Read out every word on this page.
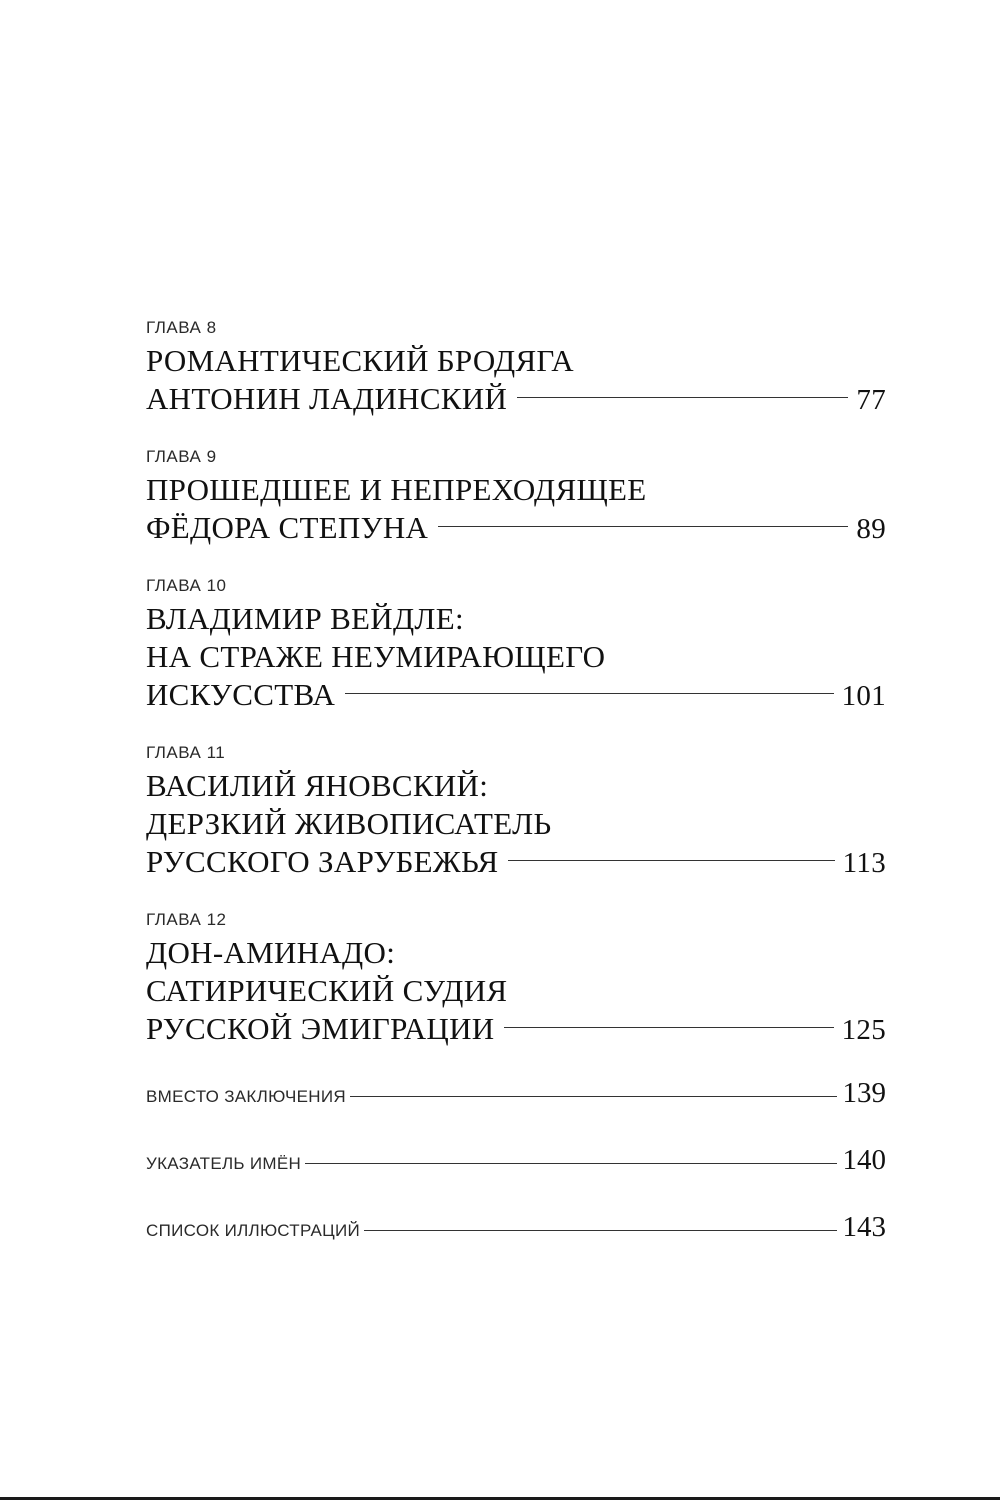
ГЛАВА 8
РОМАНТИЧЕСКИЙ БРОДЯГА
АНТОНИН ЛАДИНСКИЙ	77
ГЛАВА 9
ПРОШЕДШЕЕ И НЕПРЕХОДЯЩЕЕ
ФЁДОРА СТЕПУНА	89
ГЛАВА 10
ВЛАДИМИР ВЕЙДЛЕ:
НА СТРАЖЕ НЕУМИРАЮЩЕГО
ИСКУССТВА	101
ГЛАВА 11
ВАСИЛИЙ ЯНОВСКИЙ:
ДЕРЗКИЙ ЖИВОПИСАТЕЛЬ
РУССКОГО ЗАРУБЕЖЬЯ	113
ГЛАВА 12
ДОН-АМИНАДО:
САТИРИЧЕСКИЙ СУДИЯ
РУССКОЙ ЭМИГРАЦИИ	125
ВМЕСТО ЗАКЛЮЧЕНИЯ	139
УКАЗАТЕЛЬ ИМЁН	140
СПИСОК ИЛЛЮСТРАЦИЙ	143
